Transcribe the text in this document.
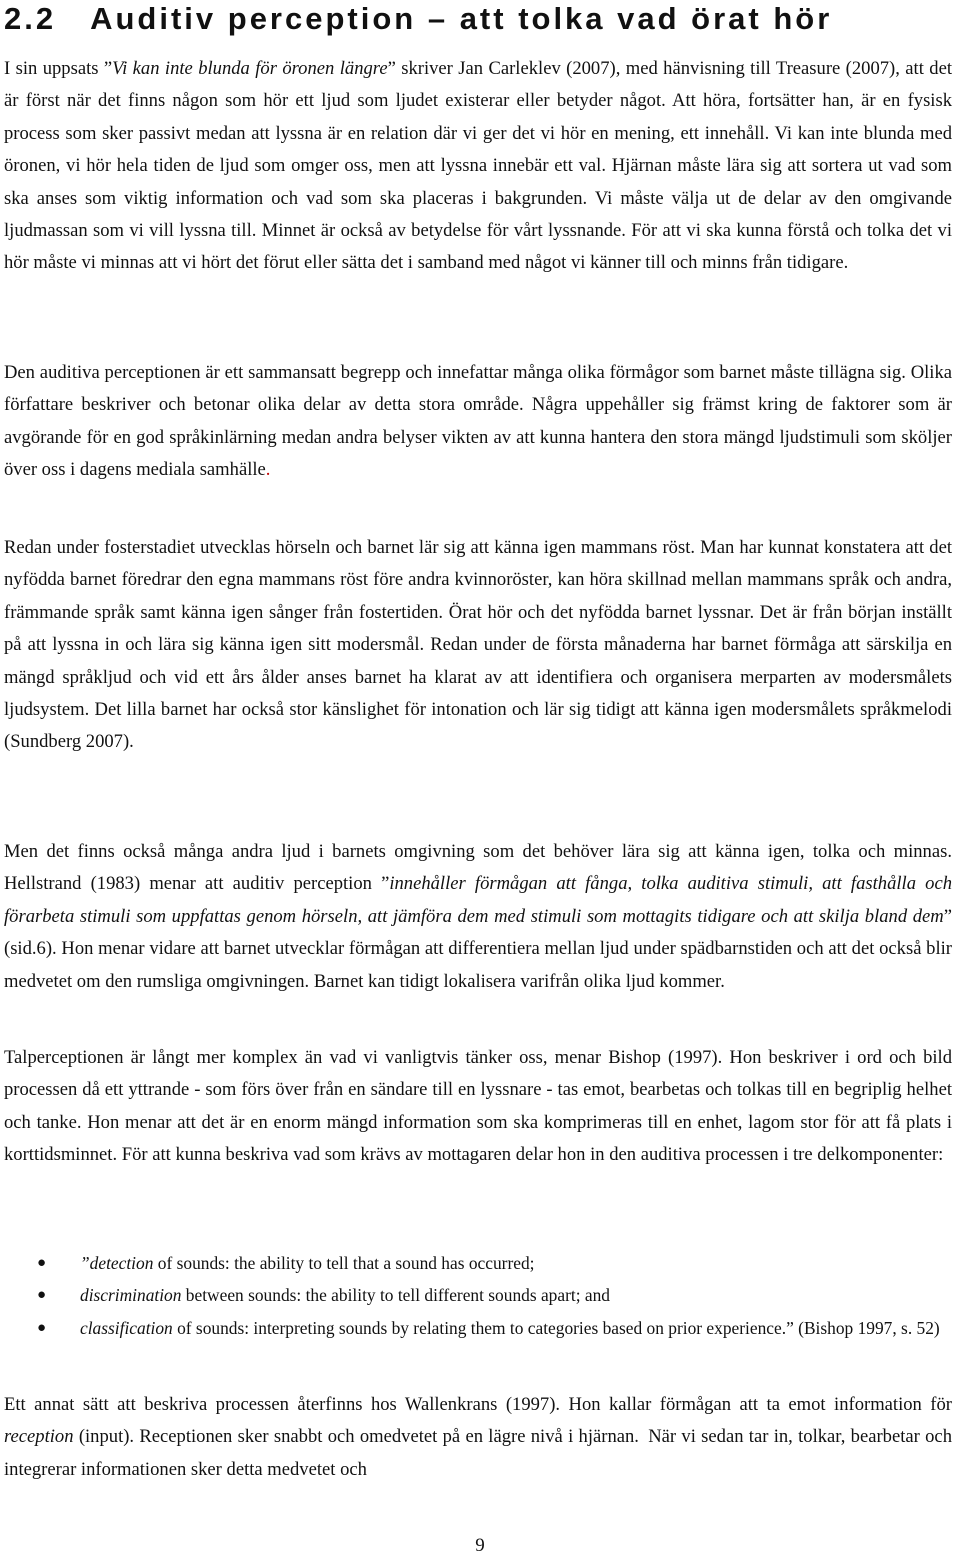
2.2 Auditiv perception – att tolka vad örat hör

I sin uppsats ”Vi kan inte blunda för öronen längre” skriver Jan Carleklev (2007), med hänvisning till Treasure (2007), att det är först när det finns någon som hör ett ljud som ljudet existerar eller betyder något. Att höra, fortsätter han, är en fysisk process som sker passivt medan att lyssna är en relation där vi ger det vi hör en mening, ett innehåll. Vi kan inte blunda med öronen, vi hör hela tiden de ljud som omger oss, men att lyssna innebär ett val. Hjärnan måste lära sig att sortera ut vad som ska anses som viktig information och vad som ska placeras i bakgrunden. Vi måste välja ut de delar av den omgivande ljudmassan som vi vill lyssna till. Minnet är också av betydelse för vårt lyssnande. För att vi ska kunna förstå och tolka det vi hör måste vi minnas att vi hört det förut eller sätta det i samband med något vi känner till och minns från tidigare.

Den auditiva perceptionen är ett sammansatt begrepp och innefattar många olika förmågor som barnet måste tillägna sig. Olika författare beskriver och betonar olika delar av detta stora område. Några uppehåller sig främst kring de faktorer som är avgörande för en god språkinlärning medan andra belyser vikten av att kunna hantera den stora mängd ljudstimuli som sköljer över oss i dagens mediala samhälle.

Redan under fosterstadiet utvecklas hörseln och barnet lär sig att känna igen mammans röst. Man har kunnat konstatera att det nyfödda barnet föredrar den egna mammans röst före andra kvinnoröster, kan höra skillnad mellan mammans språk och andra, främmande språk samt känna igen sånger från fostertiden. Örat hör och det nyfödda barnet lyssnar. Det är från början inställt på att lyssna in och lära sig känna igen sitt modersmål. Redan under de första månaderna har barnet förmåga att särskilja en mängd språkljud och vid ett års ålder anses barnet ha klarat av att identifiera och organisera merparten av modersmålets ljudsystem. Det lilla barnet har också stor känslighet för intonation och lär sig tidigt att känna igen modersmålets språkmelodi (Sundberg 2007).

Men det finns också många andra ljud i barnets omgivning som det behöver lära sig att känna igen, tolka och minnas. Hellstrand (1983) menar att auditiv perception ”innehåller förmågan att fånga, tolka auditiva stimuli, att fasthålla och förarbeta stimuli som uppfattas genom hörseln, att jämföra dem med stimuli som mottagits tidigare och att skilja bland dem” (sid.6). Hon menar vidare att barnet utvecklar förmågan att differentiera mellan ljud under spädbarnstiden och att det också blir medvetet om den rumsliga omgivningen. Barnet kan tidigt lokalisera varifrån olika ljud kommer.

Talperceptionen är långt mer komplex än vad vi vanligtvis tänker oss, menar Bishop (1997). Hon beskriver i ord och bild processen då ett yttrande - som förs över från en sändare till en lyssnare - tas emot, bearbetas och tolkas till en begriplig helhet och tanke. Hon menar att det är en enorm mängd information som ska komprimeras till en enhet, lagom stor för att få plats i korttidsminnet. För att kunna beskriva vad som krävs av mottagaren delar hon in den auditiva processen i tre delkomponenter:

● ”detection of sounds: the ability to tell that a sound has occurred;
● discrimination between sounds: the ability to tell different sounds apart; and
● classification of sounds: interpreting sounds by relating them to categories based on prior experience.” (Bishop 1997, s. 52)

Ett annat sätt att beskriva processen återfinns hos Wallenkrans (1997). Hon kallar förmågan att ta emot information för reception (input). Receptionen sker snabbt och omedvetet på en lägre nivå i hjärnan. När vi sedan tar in, tolkar, bearbetar och integrerar informationen sker detta medvetet och

9
